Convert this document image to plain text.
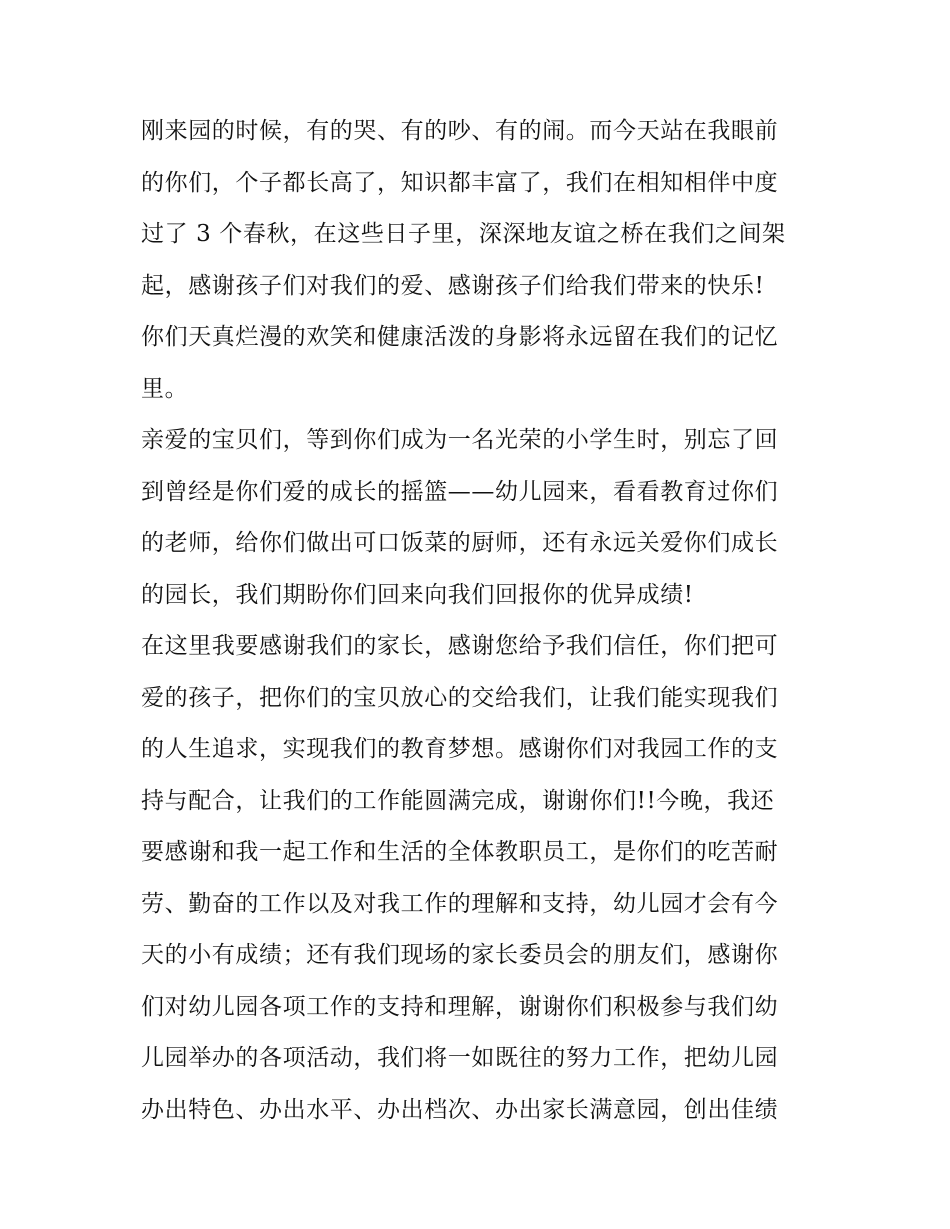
刚来园的时候，有的哭、有的吵、有的闹。而今天站在我眼前
的你们，个子都长高了，知识都丰富了，我们在相知相伴中度
过了 3 个春秋，在这些日子里，深深地友谊之桥在我们之间架
起，感谢孩子们对我们的爱、感谢孩子们给我们带来的快乐!
你们天真烂漫的欢笑和健康活泼的身影将永远留在我们的记忆
里。
亲爱的宝贝们，等到你们成为一名光荣的小学生时，别忘了回
到曾经是你们爱的成长的摇篮——幼儿园来，看看教育过你们
的老师，给你们做出可口饭菜的厨师，还有永远关爱你们成长
的园长，我们期盼你们回来向我们回报你的优异成绩!
在这里我要感谢我们的家长，感谢您给予我们信任，你们把可
爱的孩子，把你们的宝贝放心的交给我们，让我们能实现我们
的人生追求，实现我们的教育梦想。感谢你们对我园工作的支
持与配合，让我们的工作能圆满完成，谢谢你们!!今晚，我还
要感谢和我一起工作和生活的全体教职员工，是你们的吃苦耐
劳、勤奋的工作以及对我工作的理解和支持，幼儿园才会有今
天的小有成绩；还有我们现场的家长委员会的朋友们，感谢你
们对幼儿园各项工作的支持和理解，谢谢你们积极参与我们幼
儿园举办的各项活动，我们将一如既往的努力工作，把幼儿园
办出特色、办出水平、办出档次、办出家长满意园，创出佳绩
